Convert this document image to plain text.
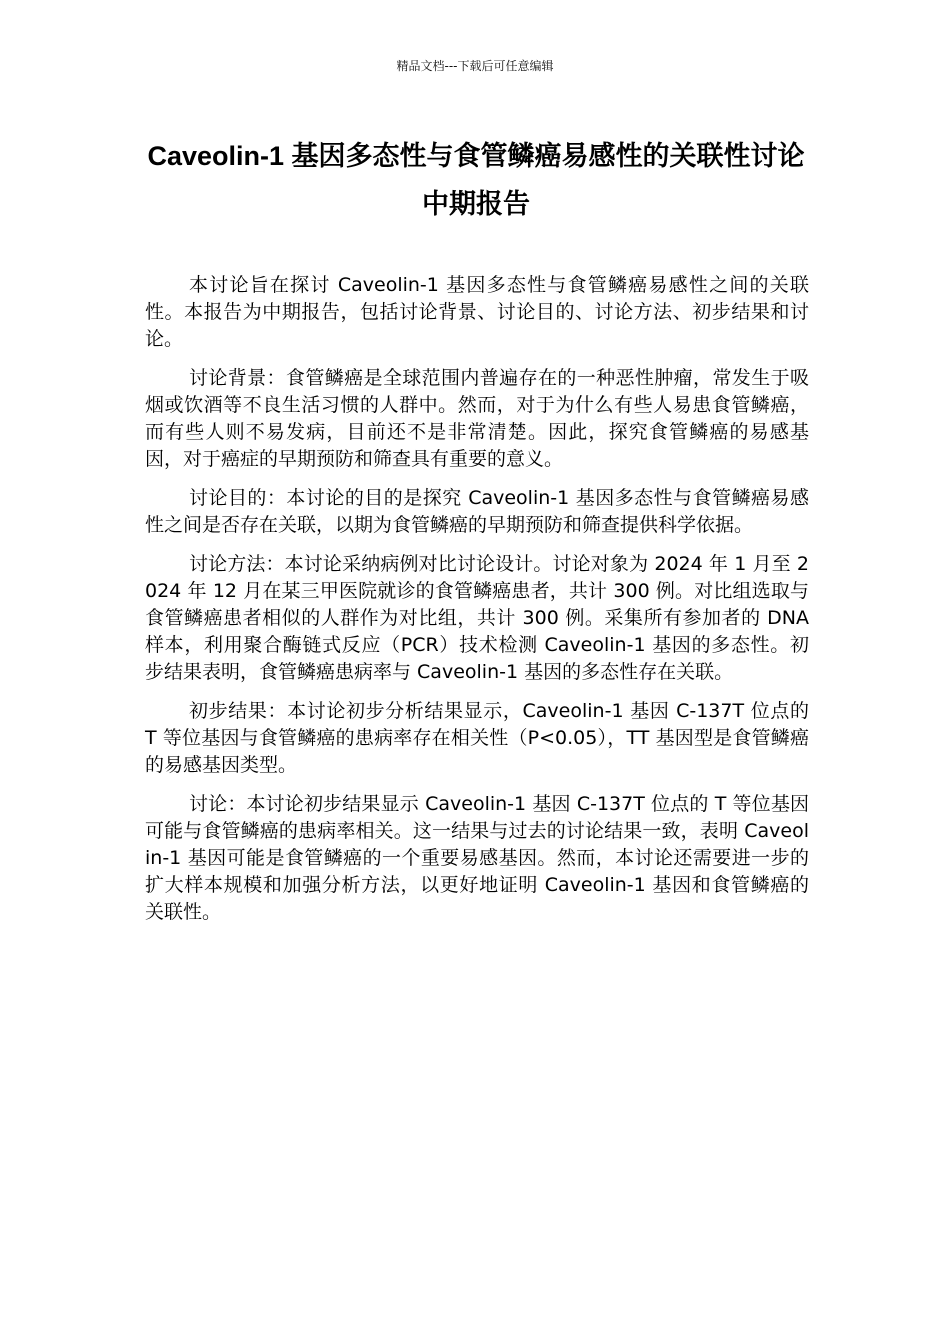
精品文档---下载后可任意编辑
Caveolin-1 基因多态性与食管鳞癌易感性的关联性讨论中期报告

本讨论旨在探讨 Caveolin-1 基因多态性与食管鳞癌易感性之间的关联性。本报告为中期报告，包括讨论背景、讨论目的、讨论方法、初步结果和讨论。

讨论背景：食管鳞癌是全球范围内普遍存在的一种恶性肿瘤，常发生于吸烟或饮酒等不良生活习惯的人群中。然而，对于为什么有些人易患食管鳞癌，而有些人则不易发病，目前还不是非常清楚。因此，探究食管鳞癌的易感基因，对于癌症的早期预防和筛查具有重要的意义。

讨论目的：本讨论的目的是探究 Caveolin-1 基因多态性与食管鳞癌易感性之间是否存在关联，以期为食管鳞癌的早期预防和筛查提供科学依据。

讨论方法：本讨论采纳病例对比讨论设计。讨论对象为 2024 年 1 月至 2024 年 12 月在某三甲医院就诊的食管鳞癌患者，共计 300 例。对比组选取与食管鳞癌患者相似的人群作为对比组，共计 300 例。采集所有参加者的 DNA 样本，利用聚合酶链式反应（PCR）技术检测 Caveolin-1 基因的多态性。初步结果表明，食管鳞癌患病率与 Caveolin-1 基因的多态性存在关联。

初步结果：本讨论初步分析结果显示，Caveolin-1 基因 C-137T 位点的 T 等位基因与食管鳞癌的患病率存在相关性（P<0.05），TT 基因型是食管鳞癌的易感基因类型。

讨论：本讨论初步结果显示 Caveolin-1 基因 C-137T 位点的 T 等位基因可能与食管鳞癌的患病率相关。这一结果与过去的讨论结果一致，表明 Caveolin-1 基因可能是食管鳞癌的一个重要易感基因。然而，本讨论还需要进一步的扩大样本规模和加强分析方法，以更好地证明 Caveolin-1 基因和食管鳞癌的关联性。
